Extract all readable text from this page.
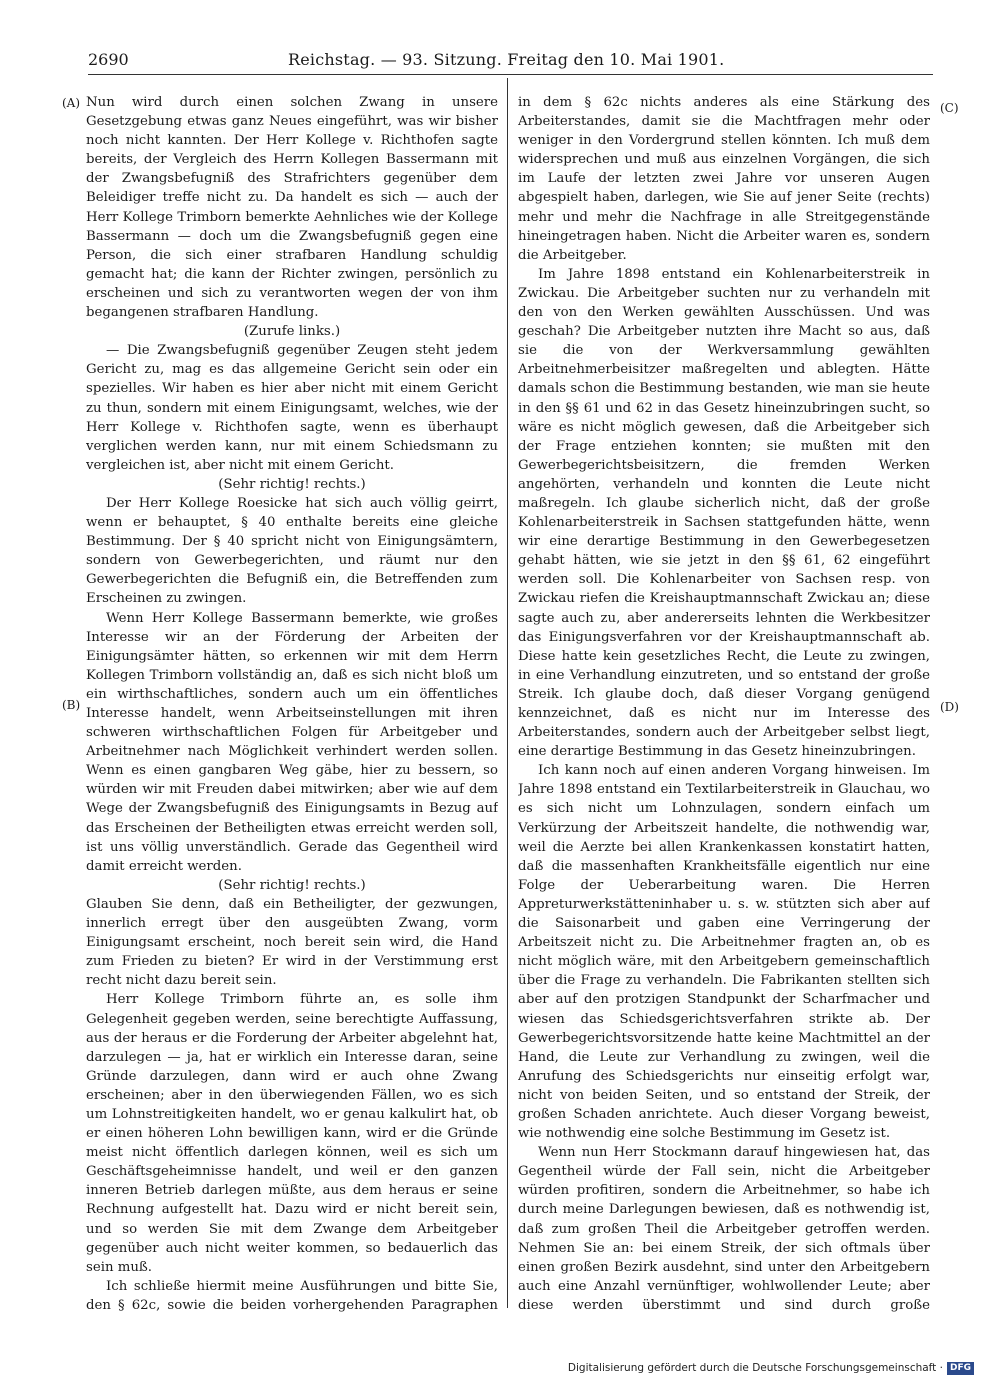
2690	Reichstag. — 93. Sitzung. Freitag den 10. Mai 1901.
(A)
(B)
(C)
(D)

Nun wird durch einen solchen Zwang in unsere Gesetzgebung etwas ganz Neues eingeführt, was wir bisher noch nicht kannten. Der Herr Kollege v. Richthofen sagte bereits, der Vergleich des Herrn Kollegen Bassermann mit der Zwangsbefugniß des Strafrichters gegenüber dem Beleidiger treffe nicht zu. Da handelt es sich — auch der Herr Kollege Trimborn bemerkte Aehnliches wie der Kollege Bassermann — doch um die Zwangsbefugniß gegen eine Person, die sich einer strafbaren Handlung schuldig gemacht hat; die kann der Richter zwingen, persönlich zu erscheinen und sich zu verantworten wegen der von ihm begangenen strafbaren Handlung.

(Zurufe links.)

— Die Zwangsbefugniß gegenüber Zeugen steht jedem Gericht zu, mag es das allgemeine Gericht sein oder ein spezielles. Wir haben es hier aber nicht mit einem Gericht zu thun, sondern mit einem Einigungsamt, welches, wie der Herr Kollege v. Richthofen sagte, wenn es überhaupt verglichen werden kann, nur mit einem Schiedsmann zu vergleichen ist, aber nicht mit einem Gericht.

(Sehr richtig! rechts.)

Der Herr Kollege Roesicke hat sich auch völlig geirrt, wenn er behauptet, § 40 enthalte bereits eine gleiche Bestimmung. Der § 40 spricht nicht von Einigungsämtern, sondern von Gewerbegerichten, und räumt nur den Gewerbegerichten die Befugniß ein, die Betreffenden zum Erscheinen zu zwingen.

Wenn Herr Kollege Bassermann bemerkte, wie großes Interesse wir an der Förderung der Arbeiten der Einigungsämter hätten, so erkennen wir mit dem Herrn Kollegen Trimborn vollständig an, daß es sich nicht bloß um ein wirthschaftliches, sondern auch um ein öffentliches Interesse handelt, wenn Arbeitseinstellungen mit ihren schweren wirthschaftlichen Folgen für Arbeitgeber und Arbeitnehmer nach Möglichkeit verhindert werden sollen. Wenn es einen gangbaren Weg gäbe, hier zu bessern, so würden wir mit Freuden dabei mitwirken; aber wie auf dem Wege der Zwangsbefugniß des Einigungsamts in Bezug auf das Erscheinen der Betheiligten etwas erreicht werden soll, ist uns völlig unverständlich. Gerade das Gegentheil wird damit erreicht werden.

(Sehr richtig! rechts.)

Glauben Sie denn, daß ein Betheiligter, der gezwungen, innerlich erregt über den ausgeübten Zwang, vorm Einigungsamt erscheint, noch bereit sein wird, die Hand zum Frieden zu bieten? Er wird in der Verstimmung erst recht nicht dazu bereit sein.

Herr Kollege Trimborn führte an, es solle ihm Gelegenheit gegeben werden, seine berechtigte Auffassung, aus der heraus er die Forderung der Arbeiter abgelehnt hat, darzulegen — ja, hat er wirklich ein Interesse daran, seine Gründe darzulegen, dann wird er auch ohne Zwang erscheinen; aber in den überwiegenden Fällen, wo es sich um Lohnstreitigkeiten handelt, wo er genau kalkulirt hat, ob er einen höheren Lohn bewilligen kann, wird er die Gründe meist nicht öffentlich darlegen können, weil es sich um Geschäftsgeheimnisse handelt, und weil er den ganzen inneren Betrieb darlegen müßte, aus dem heraus er seine Rechnung aufgestellt hat. Dazu wird er nicht bereit sein, und so werden Sie mit dem Zwange dem Arbeitgeber gegenüber auch nicht weiter kommen, so bedauerlich das sein muß.

Ich schließe hiermit meine Ausführungen und bitte Sie, den § 62c, sowie die beiden vorhergehenden Paragraphen

in dem § 62c nichts anderes als eine Stärkung des Arbeiterstandes, damit sie die Machtfragen mehr oder weniger in den Vordergrund stellen könnten. Ich muß dem widersprechen und muß aus einzelnen Vorgängen, die sich im Laufe der letzten zwei Jahre vor unseren Augen abgespielt haben, darlegen, wie Sie auf jener Seite (rechts) mehr und mehr die Nachfrage in alle Streitgegenstände hineingetragen haben. Nicht die Arbeiter waren es, sondern die Arbeitgeber.

Im Jahre 1898 entstand ein Kohlenarbeiterstreik in Zwickau. Die Arbeitgeber suchten nur zu verhandeln mit den von den Werken gewählten Ausschüssen. Und was geschah? Die Arbeitgeber nutzten ihre Macht so aus, daß sie die von der Werkversammlung gewählten Arbeitnehmerbeisitzer maßregelten und ablegten. Hätte damals schon die Bestimmung bestanden, wie man sie heute in den §§ 61 und 62 in das Gesetz hineinzubringen sucht, so wäre es nicht möglich gewesen, daß die Arbeitgeber sich der Frage entziehen konnten; sie mußten mit den Gewerbegerichtsbeisitzern, die fremden Werken angehörten, verhandeln und konnten die Leute nicht maßregeln. Ich glaube sicherlich nicht, daß der große Kohlenarbeiterstreik in Sachsen stattgefunden hätte, wenn wir eine derartige Bestimmung in den Gewerbegesetzen gehabt hätten, wie sie jetzt in den §§ 61, 62 eingeführt werden soll. Die Kohlenarbeiter von Sachsen resp. von Zwickau riefen die Kreishauptmannschaft Zwickau an; diese sagte auch zu, aber andererseits lehnten die Werkbesitzer das Einigungsverfahren vor der Kreishauptmannschaft ab. Diese hatte kein gesetzliches Recht, die Leute zu zwingen, in eine Verhandlung einzutreten, und so entstand der große Streik. Ich glaube doch, daß dieser Vorgang genügend kennzeichnet, daß es nicht nur im Interesse des Arbeiterstandes, sondern auch der Arbeitgeber selbst liegt, eine derartige Bestimmung in das Gesetz hineinzubringen.

Ich kann noch auf einen anderen Vorgang hinweisen. Im Jahre 1898 entstand ein Textilarbeiterstreik in Glauchau, wo es sich nicht um Lohnzulagen, sondern einfach um Verkürzung der Arbeitszeit handelte, die nothwendig war, weil die Aerzte bei allen Krankenkassen konstatirt hatten, daß die massenhaften Krankheitsfälle eigentlich nur eine Folge der Ueberarbeitung waren. Die Herren Appreturwerkstätteninhaber u. s. w. stützten sich aber auf die Saisonarbeit und gaben eine Verringerung der Arbeitszeit nicht zu. Die Arbeitnehmer fragten an, ob es nicht möglich wäre, mit den Arbeitgebern gemeinschaftlich über die Frage zu verhandeln. Die Fabrikanten stellten sich aber auf den protzigen Standpunkt der Scharfmacher und wiesen das Schiedsgerichtsverfahren strikte ab. Der Gewerbegerichtsvorsitzende hatte keine Machtmittel an der Hand, die Leute zur Verhandlung zu zwingen, weil die Anrufung des Schiedsgerichts nur einseitig erfolgt war, nicht von beiden Seiten, und so entstand der Streik, der großen Schaden anrichtete. Auch dieser Vorgang beweist, wie nothwendig eine solche Bestimmung im Gesetz ist.

Wenn nun Herr Stockmann darauf hingewiesen hat, das Gegentheil würde der Fall sein, nicht die Arbeitgeber würden profitiren, sondern die Arbeitnehmer, so habe ich durch meine Darlegungen bewiesen, daß es nothwendig ist, daß zum großen Theil die Arbeitgeber getroffen werden. Nehmen Sie an: bei einem Streik, der sich oftmals über einen großen Bezirk ausdehnt, sind unter den Arbeitgebern auch eine Anzahl vernünftiger, wohlwollender Leute; aber diese werden überstimmt und sind durch große

Digitalisierung gefördert durch die Deutsche Forschungsgemeinschaft · DFG
